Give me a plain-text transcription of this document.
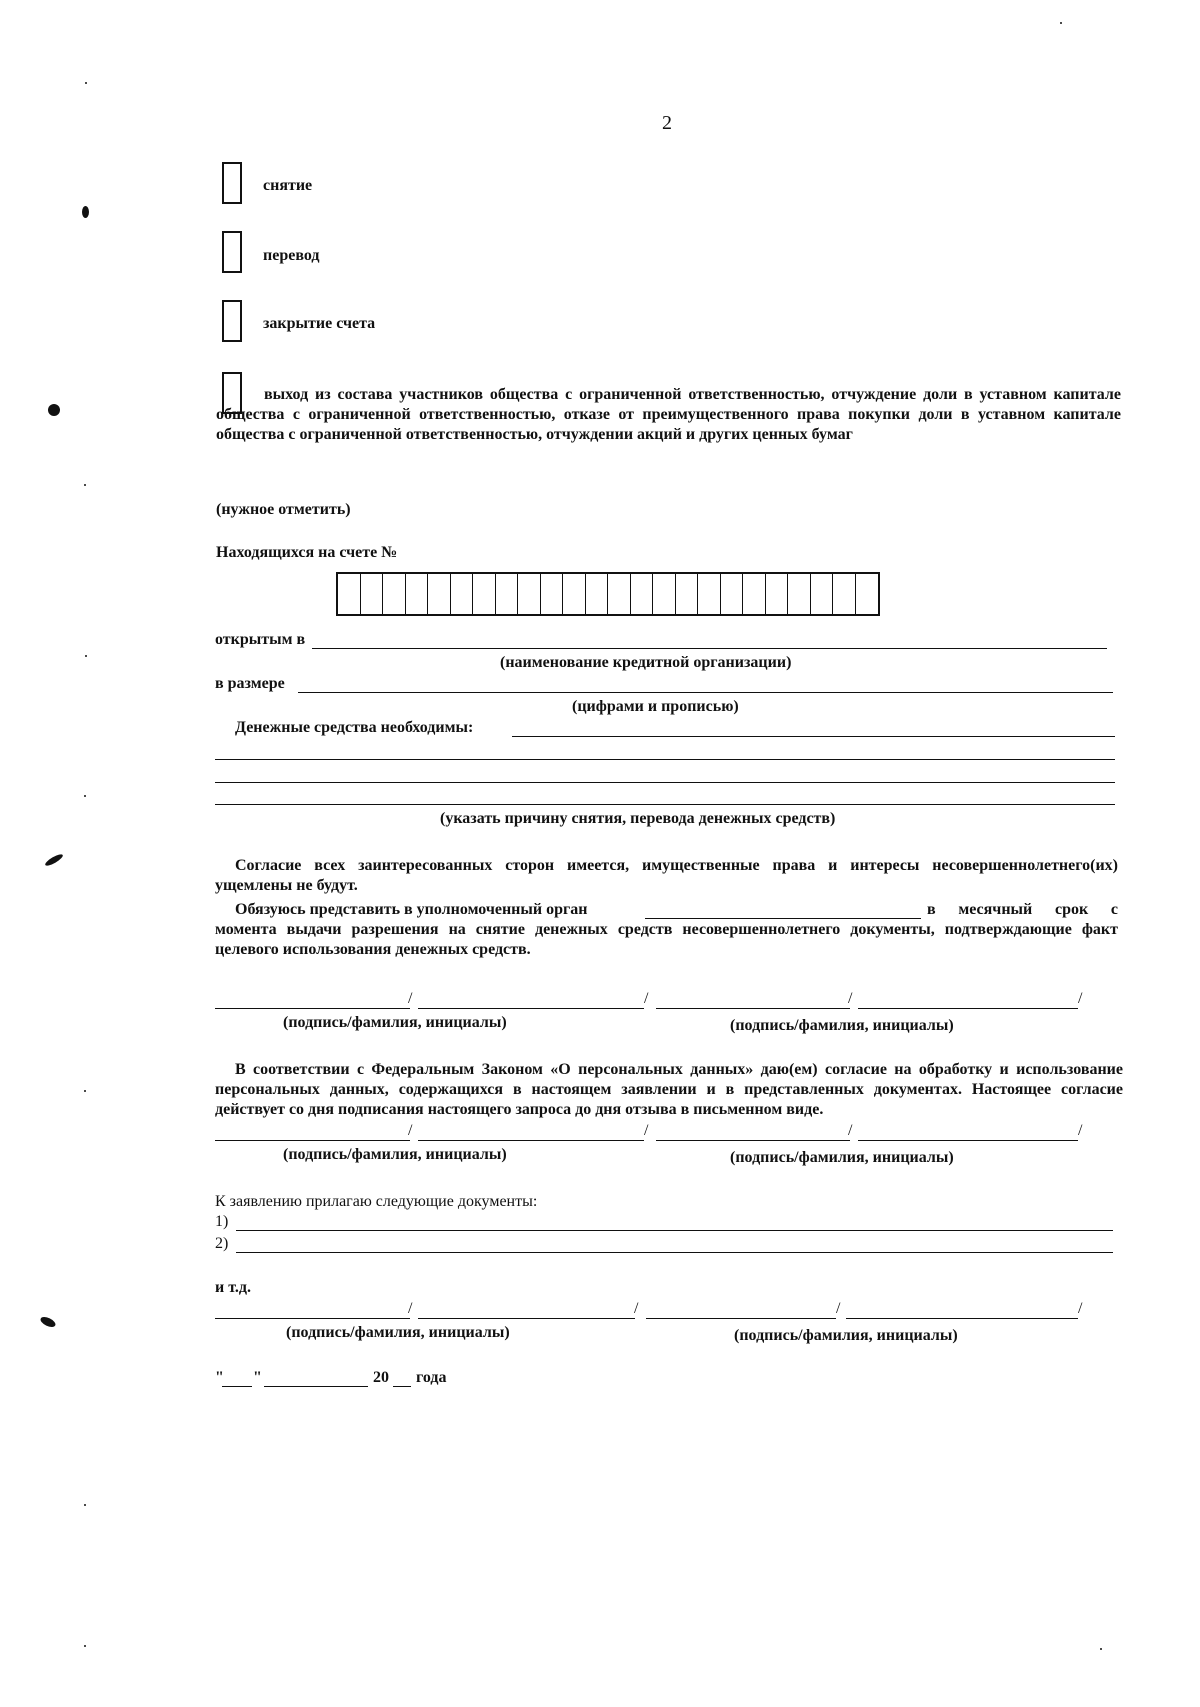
2
снятие
перевод
закрытие счета
выход из состава участников общества с ограниченной ответственностью, отчуждение доли в уставном капитале общества с ограниченной ответственностью, отказе от преимущественного права покупки доли в уставном капитале общества с ограниченной ответственностью, отчуждении акций и других ценных бумаг
(нужное отметить)
Находящихся на счете №
открытым в
(наименование кредитной организации)
в размере
(цифрами и прописью)
Денежные средства необходимы:
(указать причину снятия, перевода денежных средств)
Согласие всех заинтересованных сторон имеется, имущественные права и интересы несовершеннолетнего(их) ущемлены не будут.
Обязуюсь представить в уполномоченный орган	в месячный срок с момента выдачи разрешения на снятие денежных средств несовершеннолетнего документы, подтверждающие факт целевого использования денежных средств.
/	/	/	/
(подпись/фамилия, инициалы)	(подпись/фамилия, инициалы)
В соответствии с Федеральным Законом «О персональных данных» даю(ем) согласие на обработку и использование персональных данных, содержащихся в настоящем заявлении и в представленных документах. Настоящее согласие действует со дня подписания настоящего запроса до дня отзыва в письменном виде.
/	/	/	/
(подпись/фамилия, инициалы)	(подпись/фамилия, инициалы)
К заявлению прилагаю следующие документы:
1)
2)
и т.д.
/	/	/	/
(подпись/фамилия, инициалы)	(подпись/фамилия, инициалы)
" "	20 года
